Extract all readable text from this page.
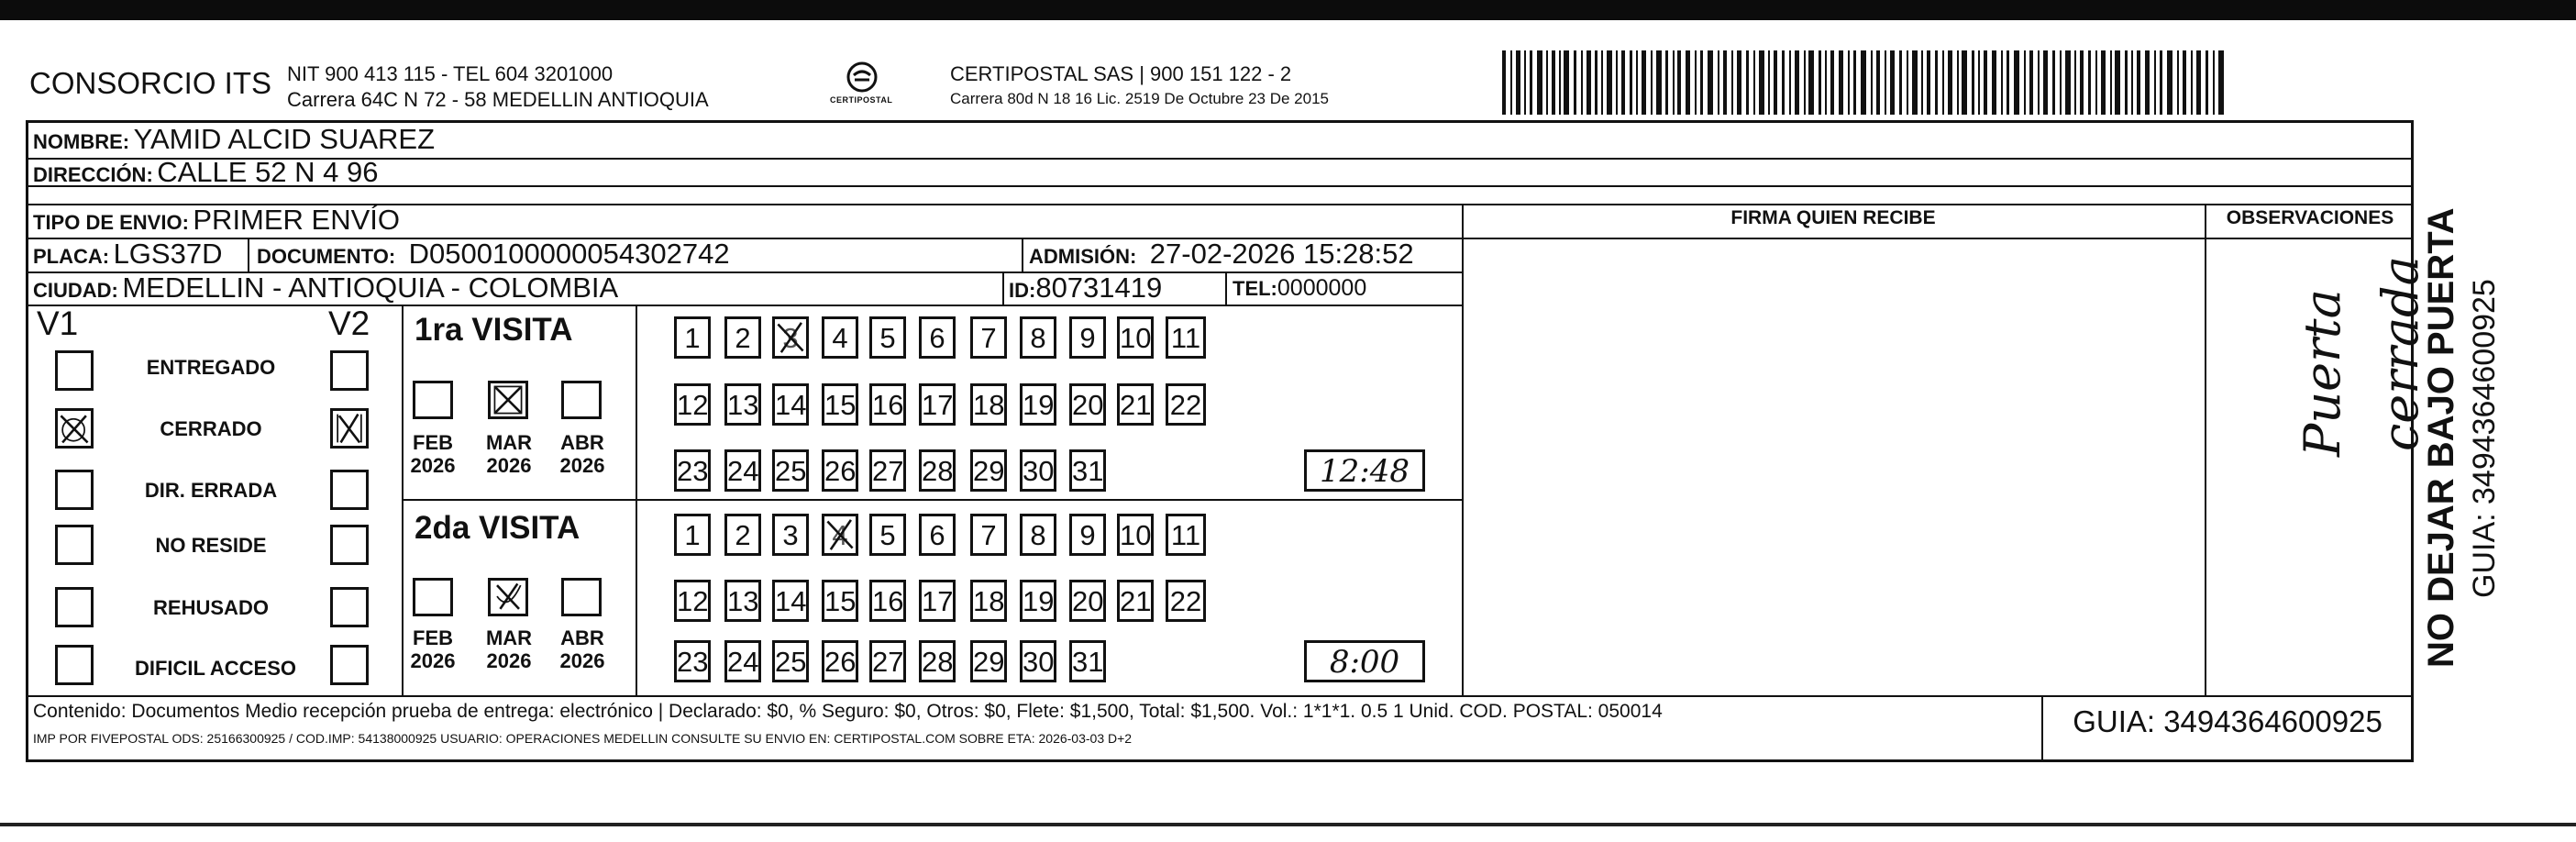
CONSORCIO ITS NIT 900 413 115 - TEL 604 3201000
Carrera 64C N 72 - 58 MEDELLIN ANTIOQUIA	CERTIPOSTAL
CERTIPOSTAL SAS | 900 151 122 - 2
Carrera 80d N 18 16 Lic. 2519 De Octubre 23 De 2015
NOMBRE: YAMID ALCID SUAREZ
DIRECCIÓN: CALLE 52 N 4 96
TIPO DE ENVIO: PRIMER ENVÍO	FIRMA QUIEN RECIBE	OBSERVACIONES
PLACA: LGS37D DOCUMENTO: D0500100000054302742	ADMISIÓN: 27-02-2026 15:28:52
CIUDAD: MEDELLIN - ANTIOQUIA - COLOMBIA	ID:80731419	TEL:0000000
V1	V2
ENTREGADO
CERRADO
DIR. ERRADA
NO RESIDE
REHUSADO
DIFICIL ACCESO
1ra VISITA
FEB
2026
MAR
2026
ABR
2026
2da VISITA
FEB
2026
MAR
2026
ABR
2026
1	2	3	4	5	6	7	8	9 10 11
12 13 14 15 16 17 18 19 20 21 22
23 24 25 26 27 28 29 30 31	12:48
1	2	3	4	5	6	7	8	9 10 11
12 13 14 15 16 17 18 19 20 21 22
23 24 25 26 27 28 29 30 31	8:00
Puerta cerrada
NO DEJAR BAJO PUERTA GUIA: 3494364600925
Contenido: Documentos Medio recepción prueba de entrega: electrónico | Declarado: $0, % Seguro: $0, Otros: $0, Flete: $1,500, Total: $1,500. Vol.: 1*1*1. 0.5 1 Unid. COD. POSTAL: 050014
IMP POR FIVEPOSTAL ODS: 25166300925 / COD.IMP: 54138000925 USUARIO: OPERACIONES MEDELLIN CONSULTE SU ENVIO EN: CERTIPOSTAL.COM SOBRE ETA: 2026-03-03 D+2	GUIA: 3494364600925
